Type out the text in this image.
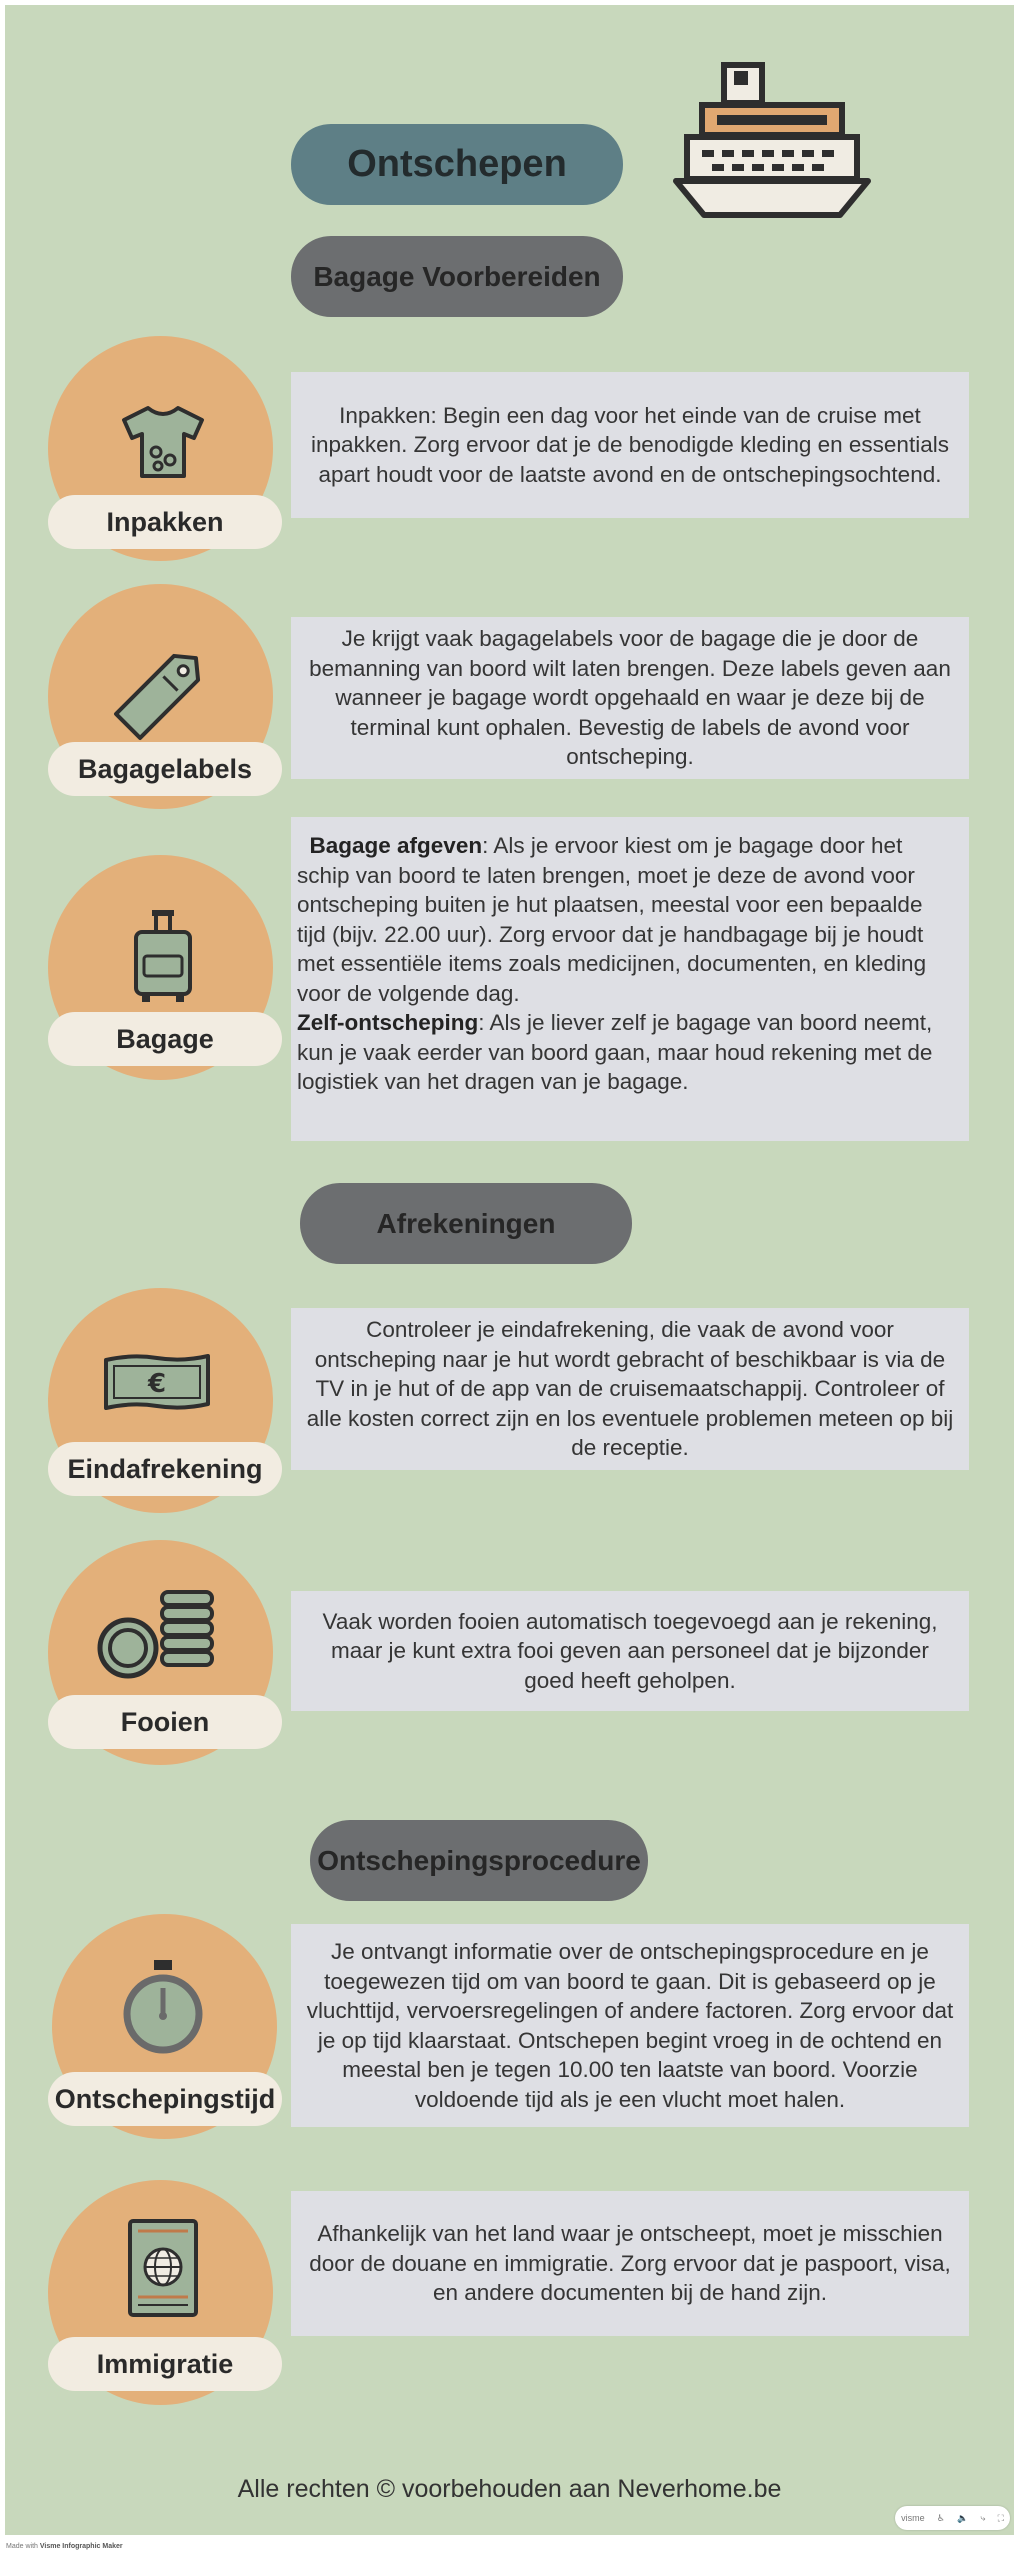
Ontschepen
Bagage Voorbereiden
Inpakken
Inpakken: Begin een dag voor het einde van de cruise met inpakken. Zorg ervoor dat je de benodigde kleding en essentials apart houdt voor de laatste avond en de ontschepingsochtend.
Bagagelabels
Je krijgt vaak bagagelabels voor de bagage die je door de bemanning van boord wilt laten brengen. Deze labels geven aan wanneer je bagage wordt opgehaald en waar je deze bij de terminal kunt ophalen. Bevestig de labels de avond voor ontscheping.
Bagage
Bagage afgeven: Als je ervoor kiest om je bagage door het schip van boord te laten brengen, moet je deze de avond voor ontscheping buiten je hut plaatsen, meestal voor een bepaalde tijd (bijv. 22.00 uur). Zorg ervoor dat je handbagage bij je houdt met essentiële items zoals medicijnen, documenten, en kleding voor de volgende dag.
Zelf-ontscheping: Als je liever zelf je bagage van boord neemt, kun je vaak eerder van boord gaan, maar houd rekening met de logistiek van het dragen van je bagage.
Afrekeningen
€
Eindafrekening
Controleer je eindafrekening, die vaak de avond voor ontscheping naar je hut wordt gebracht of beschikbaar is via de TV in je hut of de app van de cruisemaatschappij. Controleer of alle kosten correct zijn en los eventuele problemen meteen op bij de receptie.
Fooien
Vaak worden fooien automatisch toegevoegd aan je rekening, maar je kunt extra fooi geven aan personeel dat je bijzonder goed heeft geholpen.
Ontschepingsprocedure
Ontschepingstijd
Je ontvangt informatie over de ontschepingsprocedure en je toegewezen tijd om van boord te gaan. Dit is gebaseerd op je vluchttijd, vervoersregelingen of andere factoren. Zorg ervoor dat je op tijd klaarstaat. Ontschepen begint vroeg in de ochtend en meestal ben je tegen 10.00 ten laatste van boord. Voorzie voldoende tijd als je een vlucht moet halen.
Immigratie
Afhankelijk van het land waar je ontscheept, moet je misschien door de douane en immigratie. Zorg ervoor dat je paspoort, visa, en andere documenten bij de hand zijn.
Alle rechten © voorbehouden aan Neverhome.be
Made with Visme Infographic Maker
visme ♿ 🔈 ⤷ ⛶
